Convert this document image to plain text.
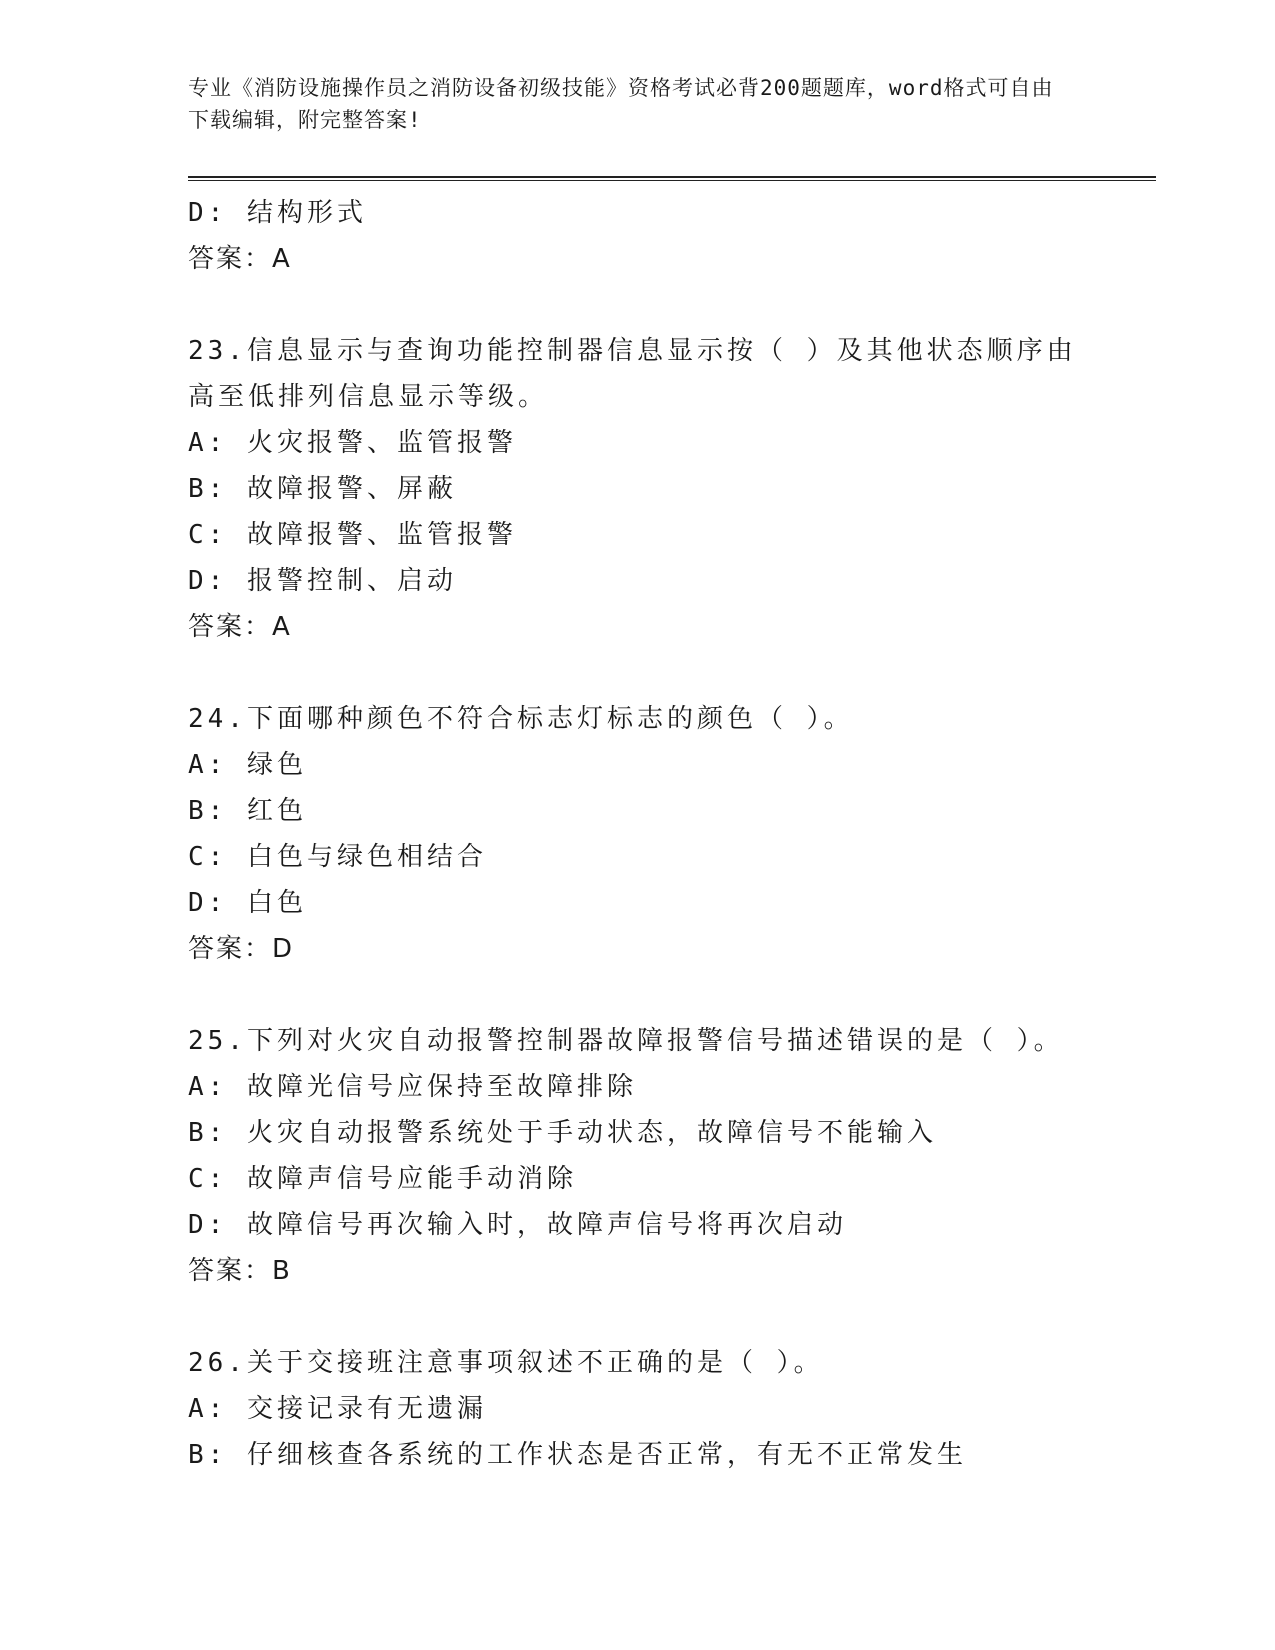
专业《消防设施操作员之消防设备初级技能》资格考试必背200题题库，word格式可自由下载编辑，附完整答案!
D: 结构形式
答案：A
23.信息显示与查询功能控制器信息显示按（ ）及其他状态顺序由高至低排列信息显示等级。
A: 火灾报警、监管报警
B: 故障报警、屏蔽
C: 故障报警、监管报警
D: 报警控制、启动
答案：A
24.下面哪种颜色不符合标志灯标志的颜色（ ）。
A: 绿色
B: 红色
C: 白色与绿色相结合
D: 白色
答案：D
25.下列对火灾自动报警控制器故障报警信号描述错误的是（ ）。
A: 故障光信号应保持至故障排除
B: 火灾自动报警系统处于手动状态，故障信号不能输入
C: 故障声信号应能手动消除
D: 故障信号再次输入时，故障声信号将再次启动
答案：B
26.关于交接班注意事项叙述不正确的是（ ）。
A: 交接记录有无遗漏
B: 仔细核查各系统的工作状态是否正常，有无不正常发生
